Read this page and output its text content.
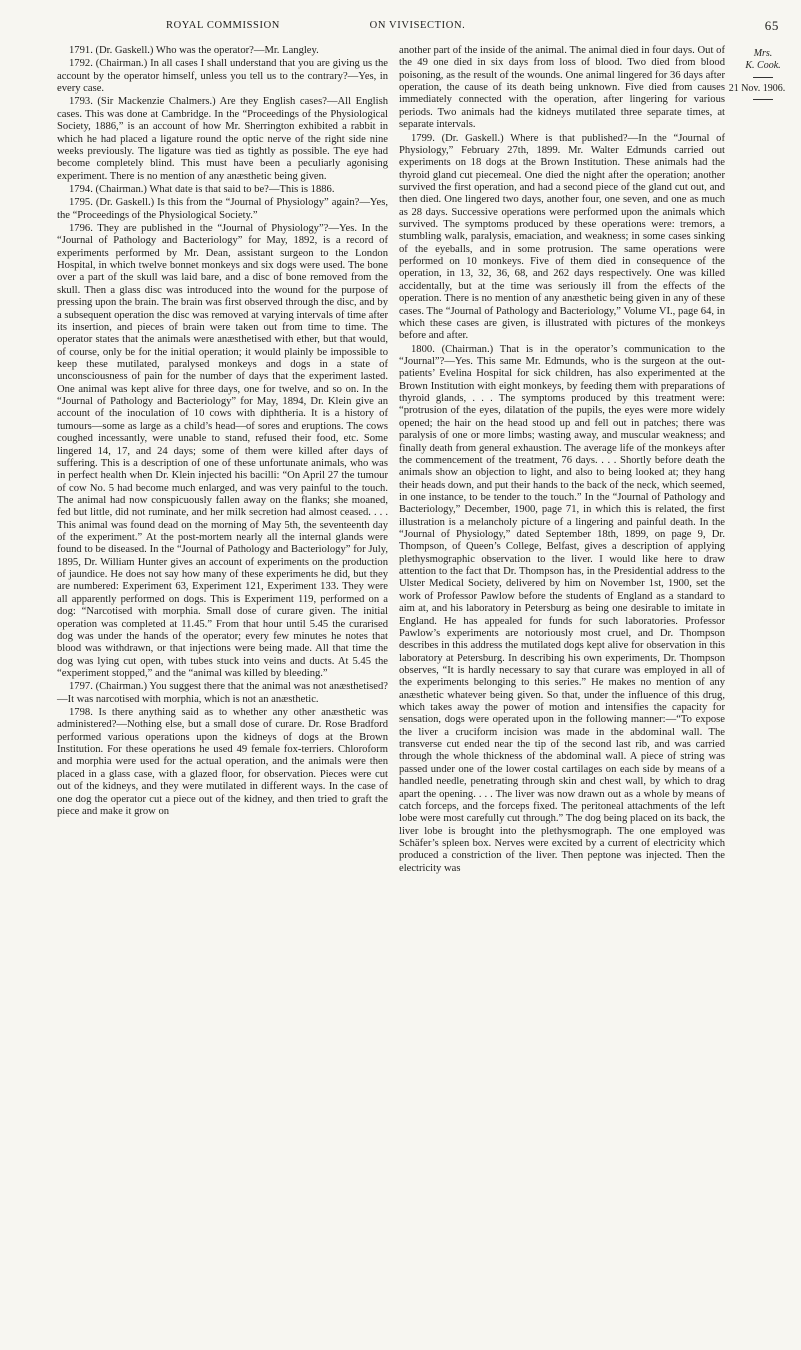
ROYAL COMMISSION	ON VIVISECTION.	65

1791. (Dr. Gaskell.) Who was the operator?—Mr. Langley.

1792. (Chairman.) In all cases I shall understand that you are giving us the account by the operator himself, unless you tell us to the contrary?—Yes, in every case.

1793. (Sir Mackenzie Chalmers.) Are they English cases?—All English cases. This was done at Cambridge. In the “Proceedings of the Physiological Society, 1886,” is an account of how Mr. Sherrington exhibited a rabbit in which he had placed a ligature round the optic nerve of the right side nine weeks previously. The ligature was tied as tightly as possible. The eye had become completely blind. This must have been a peculiarly agonising experiment. There is no mention of any anæsthetic being given.

1794. (Chairman.) What date is that said to be?—This is 1886.

1795. (Dr. Gaskell.) Is this from the “Journal of Physiology” again?—Yes, the “Proceedings of the Physiological Society.”

1796. They are published in the “Journal of Physiology”?—Yes. In the “Journal of Pathology and Bacteriology” for May, 1892, is a record of experiments performed by Mr. Dean, assistant surgeon to the London Hospital, in which twelve bonnet monkeys and six dogs were used. The bone over a part of the skull was laid bare, and a disc of bone removed from the skull. Then a glass disc was introduced into the wound for the purpose of pressing upon the brain. The brain was first observed through the disc, and by a subsequent operation the disc was removed at varying intervals of time after its insertion, and pieces of brain were taken out from time to time. The operator states that the animals were anæsthetised with ether, but that would, of course, only be for the initial operation; it would plainly be impossible to keep these mutilated, paralysed monkeys and dogs in a state of unconsciousness of pain for the number of days that the experiment lasted. One animal was kept alive for three days, one for twelve, and so on. In the “Journal of Pathology and Bacteriology” for May, 1894, Dr. Klein give an account of the inoculation of 10 cows with diphtheria. It is a history of tumours—some as large as a child’s head—of sores and eruptions. The cows coughed incessantly, were unable to stand, refused their food, etc. Some lingered 14, 17, and 24 days; some of them were killed after days of suffering. This is a description of one of these unfortunate animals, who was in perfect health when Dr. Klein injected his bacilli: “On April 27 the tumour of cow No. 5 had become much enlarged, and was very painful to the touch. The animal had now conspicuously fallen away on the flanks; she moaned, fed but little, did not ruminate, and her milk secretion had almost ceased. . . . This animal was found dead on the morning of May 5th, the seventeenth day of the experiment.” At the post-mortem nearly all the internal glands were found to be diseased. In the “Journal of Pathology and Bacteriology” for July, 1895, Dr. William Hunter gives an account of experiments on the production of jaundice. He does not say how many of these experiments he did, but they are numbered: Experiment 63, Experiment 121, Experiment 133. They were all apparently performed on dogs. This is Experiment 119, performed on a dog: “Narcotised with morphia. Small dose of curare given. The initial operation was completed at 11.45.” From that hour until 5.45 the curarised dog was under the hands of the operator; every few minutes he notes that blood was withdrawn, or that injections were being made. All that time the dog was lying cut open, with tubes stuck into veins and ducts. At 5.45 the “experiment stopped,” and the “animal was killed by bleeding.”

1797. (Chairman.) You suggest there that the animal was not anæsthetised?—It was narcotised with morphia, which is not an anæsthetic.

1798. Is there anything said as to whether any other anæsthetic was administered?—Nothing else, but a small dose of curare. Dr. Rose Bradford performed various operations upon the kidneys of dogs at the Brown Institution. For these operations he used 49 female fox-terriers. Chloroform and morphia were used for the actual operation, and the animals were then placed in a glass case, with a glazed floor, for observation. Pieces were cut out of the kidneys, and they were mutilated in different ways. In the case of one dog the operator cut a piece out of the kidney, and then tried to graft the piece and make it grow on

another part of the inside of the animal. The animal died in four days. Out of the 49 one died in six days from loss of blood. Two died from blood poisoning, as the result of the wounds. One animal lingered for 36 days after operation, the cause of its death being unknown. Five died from causes immediately connected with the operation, after lingering for various periods. Two animals had the kidneys mutilated three separate times, at separate intervals.

1799. (Dr. Gaskell.) Where is that published?—In the “Journal of Physiology,” February 27th, 1899. Mr. Walter Edmunds carried out experiments on 18 dogs at the Brown Institution. These animals had the thyroid gland cut piecemeal. One died the night after the operation; another survived the first operation, and had a second piece of the gland cut out, and then died. One lingered two days, another four, one seven, and one as much as 28 days. Successive operations were performed upon the animals which survived. The symptoms produced by these operations were: tremors, a stumbling walk, paralysis, emaciation, and weakness; in some cases sinking of the eyeballs, and in some protrusion. The same operations were performed on 10 monkeys. Five of them died in consequence of the operation, in 13, 32, 36, 68, and 262 days respectively. One was killed accidentally, but at the time was seriously ill from the effects of the operation. There is no mention of any anæsthetic being given in any of these cases. The “Journal of Pathology and Bacteriology,” Volume VI., page 64, in which these cases are given, is illustrated with pictures of the monkeys before and after.

1800. (Chairman.) That is in the operator’s communication to the “Journal”?—Yes. This same Mr. Edmunds, who is the surgeon at the out-patients’ Evelina Hospital for sick children, has also experimented at the Brown Institution with eight monkeys, by feeding them with preparations of thyroid glands, . . . The symptoms produced by this treatment were: “protrusion of the eyes, dilatation of the pupils, the eyes were more widely opened; the hair on the head stood up and fell out in patches; there was paralysis of one or more limbs; wasting away, and muscular weakness; and finally death from general exhaustion. The average life of the monkeys after the commencement of the treatment, 76 days. . . . Shortly before death the animals show an objection to light, and also to being looked at; they hang their heads down, and put their hands to the back of the neck, which seemed, in one instance, to be tender to the touch.” In the “Journal of Pathology and Bacteriology,” December, 1900, page 71, in which this is related, the first illustration is a melancholy picture of a lingering and painful death. In the “Journal of Physiology,” dated September 18th, 1899, on page 9, Dr. Thompson, of Queen’s College, Belfast, gives a description of applying plethysmographic observation to the liver. I would like here to draw attention to the fact that Dr. Thompson has, in the Presidential address to the Ulster Medical Society, delivered by him on November 1st, 1900, set the work of Professor Pawlow before the students of England as a standard to aim at, and his laboratory in Petersburg as being one desirable to imitate in England. He has appealed for funds for such laboratories. Professor Pawlow’s experiments are notoriously most cruel, and Dr. Thompson describes in this address the mutilated dogs kept alive for observation in this laboratory at Petersburg. In describing his own experiments, Dr. Thompson observes, “It is hardly necessary to say that curare was employed in all of the experiments belonging to this series.” He makes no mention of any anæsthetic whatever being given. So that, under the influence of this drug, which takes away the power of motion and intensifies the capacity for sensation, dogs were operated upon in the following manner:—“To expose the liver a cruciform incision was made in the abdominal wall. The transverse cut ended near the tip of the second last rib, and was carried through the whole thickness of the abdominal wall. A piece of string was passed under one of the lower costal cartilages on each side by means of a handled needle, penetrating through skin and chest wall, by which to drag apart the opening. . . . The liver was now drawn out as a whole by means of catch forceps, and the forceps fixed. The peritoneal attachments of the left lobe were most carefully cut through.” The dog being placed on its back, the liver lobe is brought into the plethysmograph. The one employed was Schäfer’s spleen box. Nerves were excited by a current of electricity which produced a constriction of the liver. Then peptone was injected. Then the electricity was

Mrs.
K. Cook.
21 Nov. 1906.
